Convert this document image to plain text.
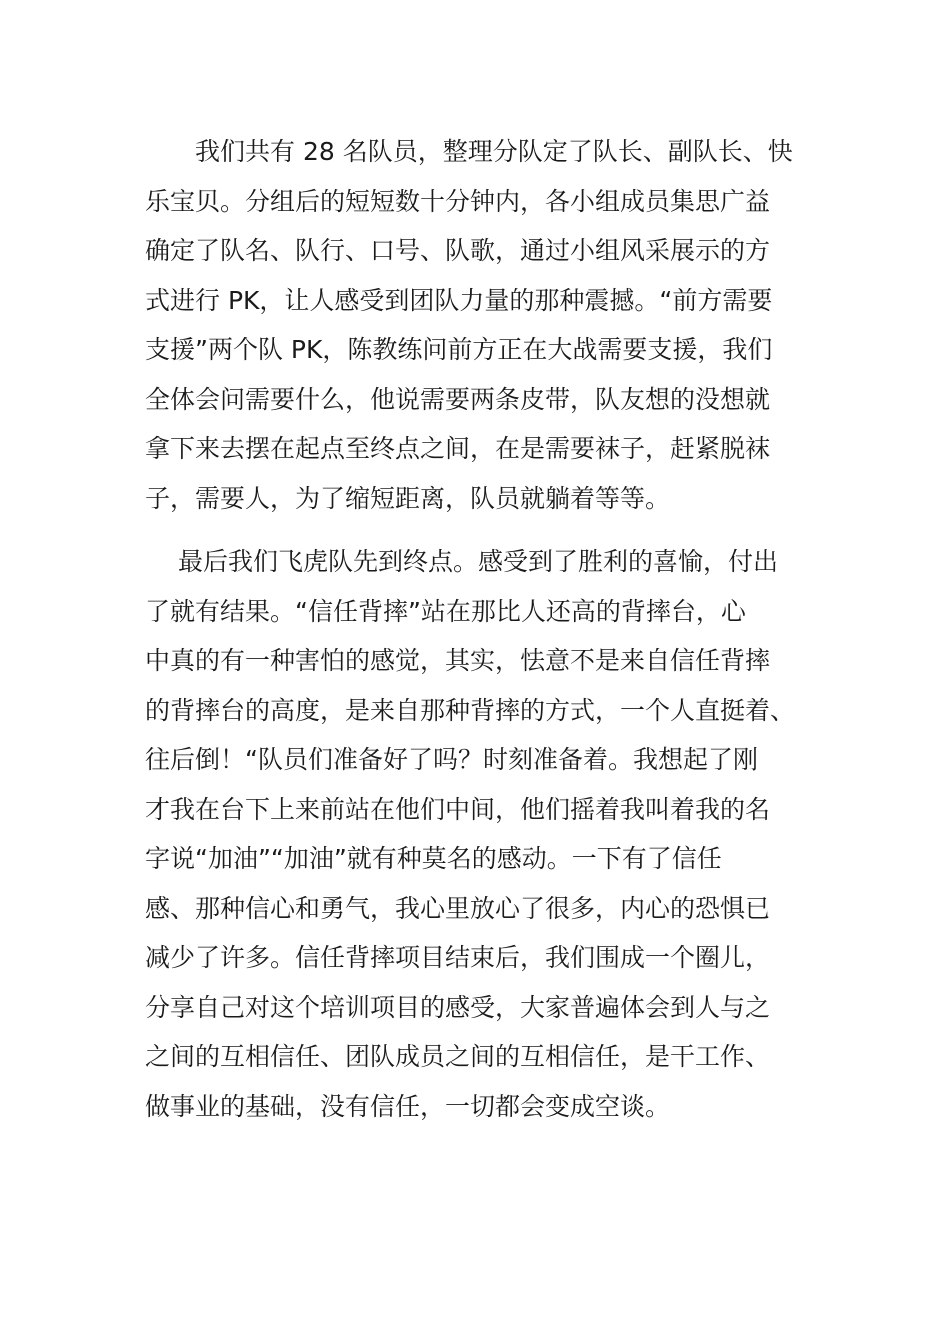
　　我们共有 28 名队员，整理分队定了队长、副队长、快
乐宝贝。分组后的短短数十分钟内，各小组成员集思广益
确定了队名、队行、口号、队歌，通过小组风采展示的方
式进行 PK，让人感受到团队力量的那种震撼。“前方需要
支援”两个队 PK，陈教练问前方正在大战需要支援，我们
全体会问需要什么，他说需要两条皮带，队友想的没想就
拿下来去摆在起点至终点之间，在是需要袜子，赶紧脱袜
子，需要人，为了缩短距离，队员就躺着等等。
　 最后我们飞虎队先到终点。感受到了胜利的喜愉，付出
了就有结果。“信任背摔”站在那比人还高的背摔台，心
中真的有一种害怕的感觉，其实，怯意不是来自信任背摔
的背摔台的高度，是来自那种背摔的方式，一个人直挺着、
往后倒！“队员们准备好了吗？时刻准备着。我想起了刚
才我在台下上来前站在他们中间，他们摇着我叫着我的名
字说“加油”“加油”就有种莫名的感动。一下有了信任
感、那种信心和勇气，我心里放心了很多，内心的恐惧已
减少了许多。信任背摔项目结束后，我们围成一个圈儿，
分享自己对这个培训项目的感受，大家普遍体会到人与之
之间的互相信任、团队成员之间的互相信任，是干工作、
做事业的基础，没有信任，一切都会变成空谈。
